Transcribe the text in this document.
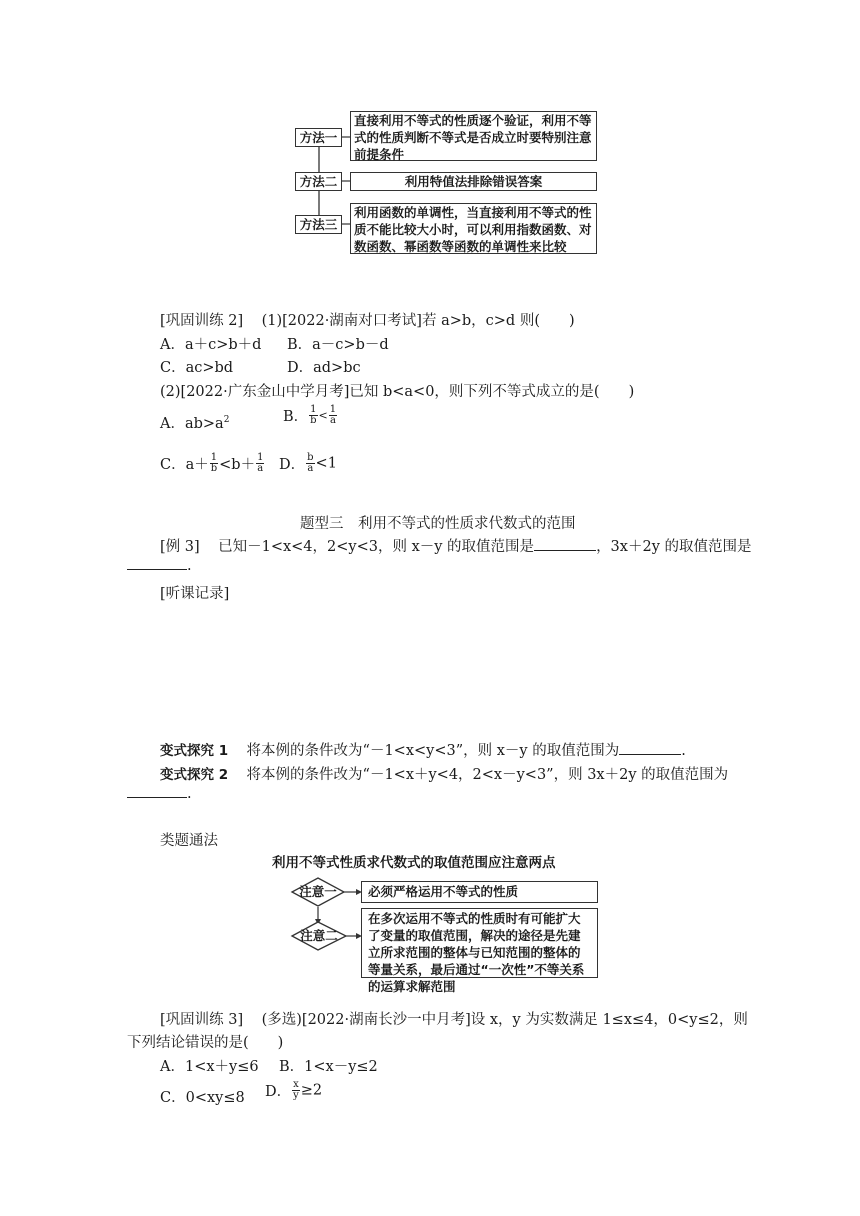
方法一
直接利用不等式的性质逐个验证，利用不等式的性质判断不等式是否成立时要特别注意前提条件
方法二	利用特值法排除错误答案
方法三
利用函数的单调性，当直接利用不等式的性质不能比较大小时，可以利用指数函数、对数函数、幂函数等函数的单调性来比较
[巩固训练 2] (1)[2022·湖南对口考试]若 a>b，c>d 则(　　)
A．a＋c>b＋d B．a－c>b－d
C．ac>bd	D．ad>bc
(2)[2022·广东金山中学月考]已知 b<a<0，则下列不等式成立的是(　　)
A．$ab>a^2$	B． $\frac{1}{b} < \frac{1}{a}$
C．$a+ \frac{1}{b} <b+ \frac{1}{a}$ D． $\frac{b}{a} <1$
题型三　利用不等式的性质求代数式的范围
[例 3] 已知－1<x<4，2<y<3，则 x－y 的取值范围是	，3x＋2y 的取值范围是
.
[听课记录]
变式探究 1 将本例的条件改为“－1<x<y<3”，则 x－y 的取值范围为	.
变式探究 2 将本例的条件改为“－1<x＋y<4，2<x－y<3”，则 3x＋2y 的取值范围为
.
类题通法
利用不等式性质求代数式的取值范围应注意两点
注意一	必须严格运用不等式的性质
注意二
在多次运用不等式的性质时有可能扩大了变量的取值范围，解决的途径是先建立所求范围的整体与已知范围的整体的等量关系，最后通过“一次性”不等关系的运算求解范围
[巩固训练 3] (多选)[2022·湖南长沙一中月考]设 x，y 为实数满足 1≤x≤4，0<y≤2，则
下列结论错误的是(　　)
A．1<x＋y≤6 B．1<x－y≤2
C．0<xy≤8 D． $\frac{x}{y} \ge 2$
